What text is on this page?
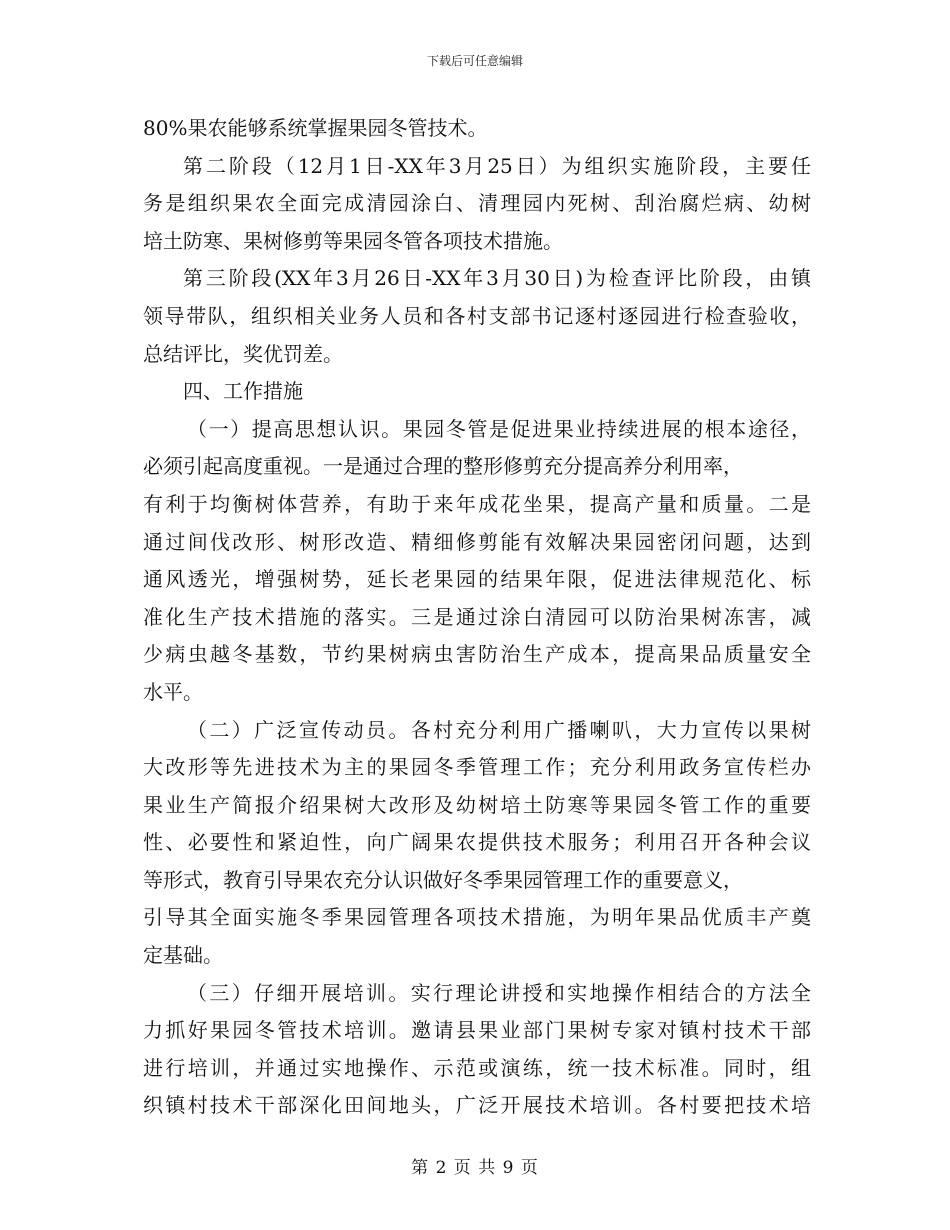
下载后可任意编辑
80%果农能够系统掌握果园冬管技术。
第二阶段（12月1日-XX年3月25日）为组织实施阶段，主要任
务是组织果农全面完成清园涂白、清理园内死树、刮治腐烂病、幼树
培土防寒、果树修剪等果园冬管各项技术措施。
第三阶段(XX年3月26日-XX年3月30日)为检查评比阶段，由镇
领导带队，组织相关业务人员和各村支部书记逐村逐园进行检查验收，
总结评比，奖优罚差。
四、工作措施
（一）提高思想认识。果园冬管是促进果业持续进展的根本途径，
必须引起高度重视。一是通过合理的整形修剪充分提高养分利用率，
有利于均衡树体营养，有助于来年成花坐果，提高产量和质量。二是
通过间伐改形、树形改造、精细修剪能有效解决果园密闭问题，达到
通风透光，增强树势，延长老果园的结果年限，促进法律规范化、标
准化生产技术措施的落实。三是通过涂白清园可以防治果树冻害，减
少病虫越冬基数，节约果树病虫害防治生产成本，提高果品质量安全
水平。
（二）广泛宣传动员。各村充分利用广播喇叭，大力宣传以果树
大改形等先进技术为主的果园冬季管理工作；充分利用政务宣传栏办
果业生产简报介绍果树大改形及幼树培土防寒等果园冬管工作的重要
性、必要性和紧迫性，向广阔果农提供技术服务；利用召开各种会议
等形式，教育引导果农充分认识做好冬季果园管理工作的重要意义，
引导其全面实施冬季果园管理各项技术措施，为明年果品优质丰产奠
定基础。
（三）仔细开展培训。实行理论讲授和实地操作相结合的方法全
力抓好果园冬管技术培训。邀请县果业部门果树专家对镇村技术干部
进行培训，并通过实地操作、示范或演练，统一技术标准。同时，组
织镇村技术干部深化田间地头，广泛开展技术培训。各村要把技术培
第 2 页 共 9 页
